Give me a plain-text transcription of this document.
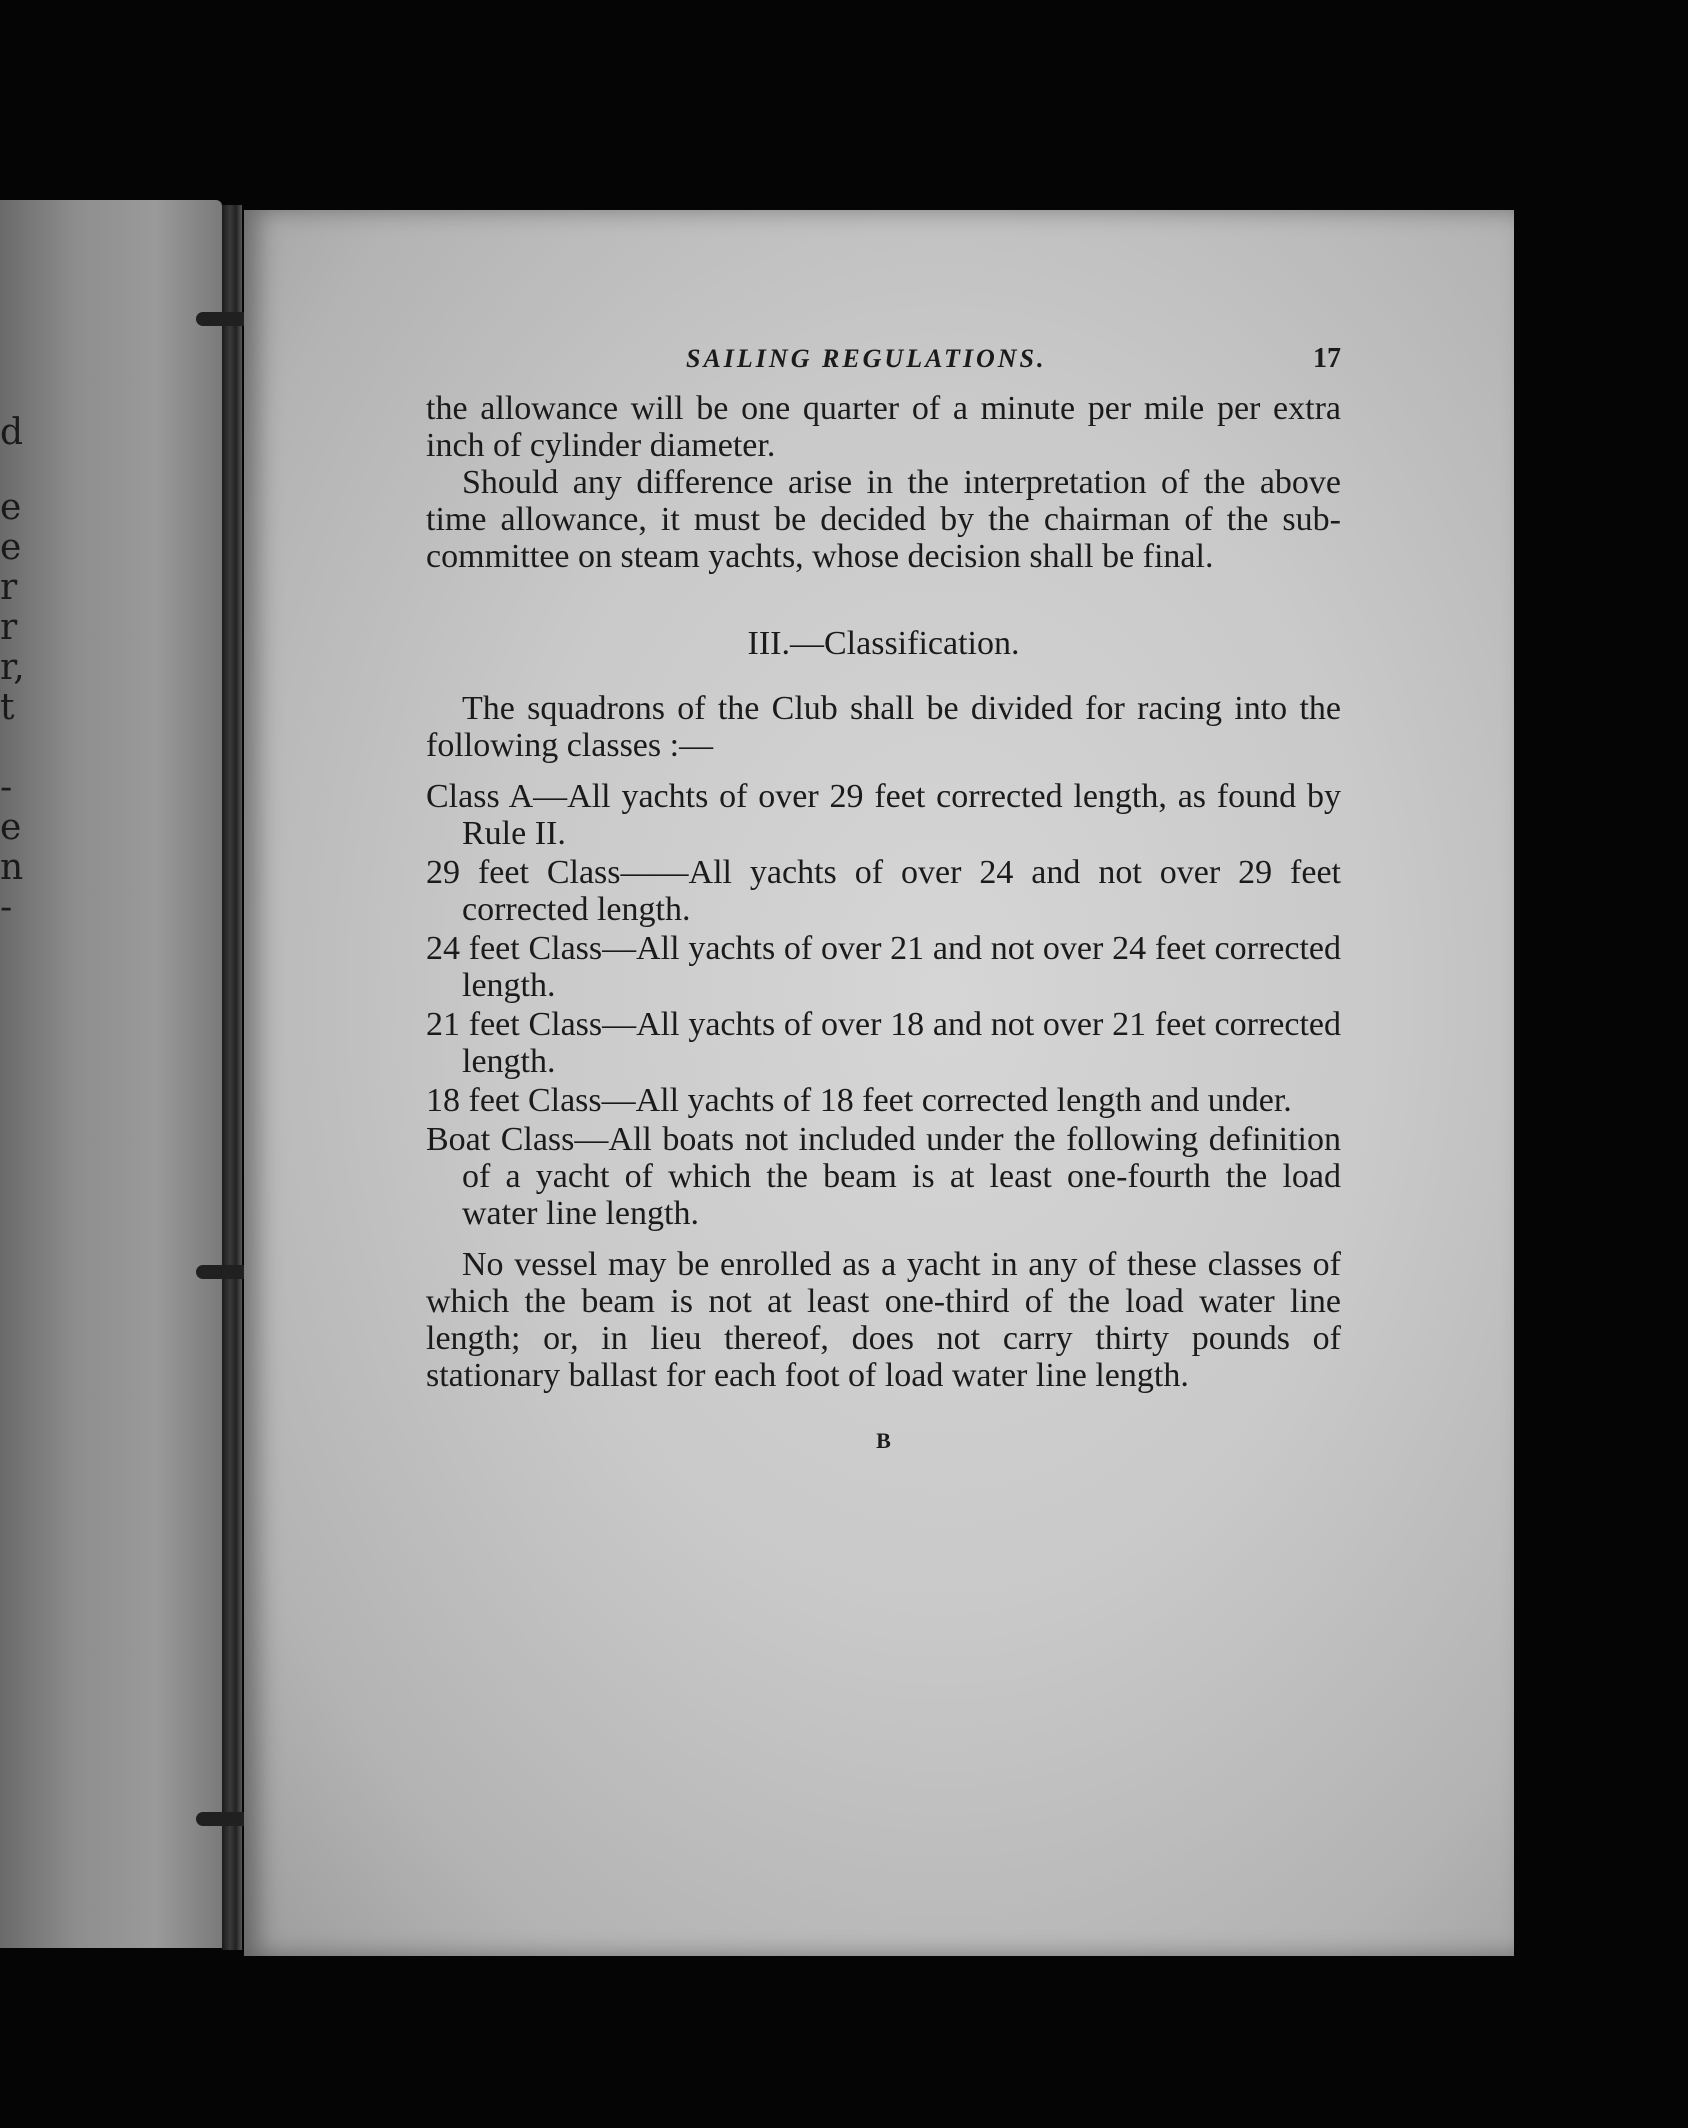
d
e
e
r
r
r,
t
-
e
n
-
SAILING REGULATIONS.	17

the allowance will be one quarter of a minute per mile per extra inch of cylinder diameter.

Should any difference arise in the interpretation of the above time allowance, it must be decided by the chairman of the sub-committee on steam yachts, whose decision shall be final.

III.—Classification.

The squadrons of the Club shall be divided for racing into the following classes :—

Class A—All yachts of over 29 feet corrected length, as found by Rule II.

29 feet Class——All yachts of over 24 and not over 29 feet corrected length.

24 feet Class—All yachts of over 21 and not over 24 feet corrected length.

21 feet Class—All yachts of over 18 and not over 21 feet corrected length.

18 feet Class—All yachts of 18 feet corrected length and under.

Boat Class—All boats not included under the following definition of a yacht of which the beam is at least one-fourth the load water line length.

No vessel may be enrolled as a yacht in any of these classes of which the beam is not at least one-third of the load water line length; or, in lieu thereof, does not carry thirty pounds of stationary ballast for each foot of load water line length.

B
